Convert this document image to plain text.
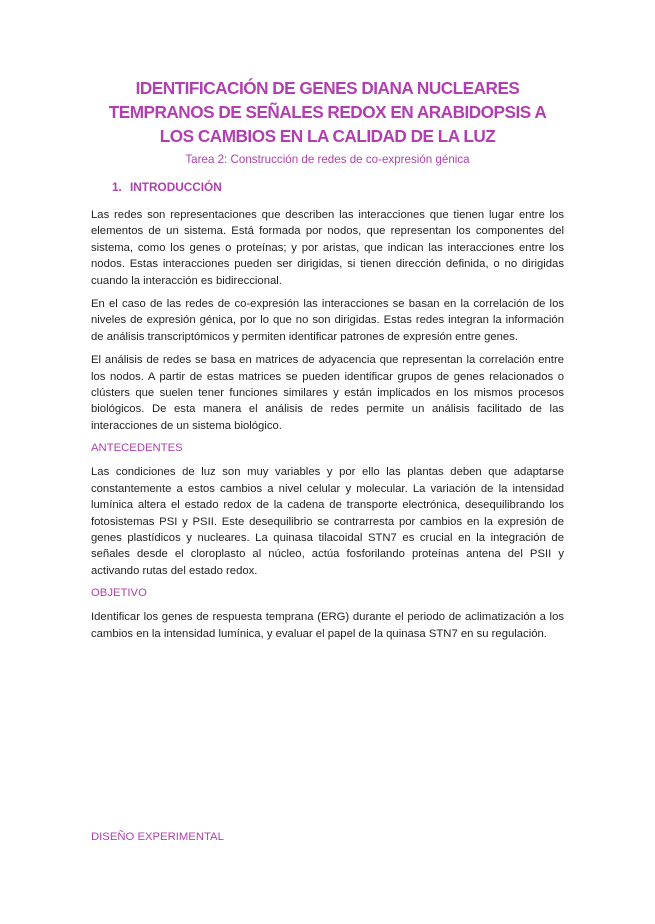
IDENTIFICACIÓN DE GENES DIANA NUCLEARES TEMPRANOS DE SEÑALES REDOX EN ARABIDOPSIS A LOS CAMBIOS EN LA CALIDAD DE LA LUZ
Tarea 2: Construcción de redes de co-expresión génica
1. INTRODUCCIÓN

Las redes son representaciones que describen las interacciones que tienen lugar entre los elementos de un sistema. Está formada por nodos, que representan los componentes del sistema, como los genes o proteínas; y por aristas, que indican las interacciones entre los nodos. Estas interacciones pueden ser dirigidas, si tienen dirección definida, o no dirigidas cuando la interacción es bidireccional.

En el caso de las redes de co-expresión las interacciones se basan en la correlación de los niveles de expresión génica, por lo que no son dirigidas. Estas redes integran la información de análisis transcriptómicos y permiten identificar patrones de expresión entre genes.

El análisis de redes se basa en matrices de adyacencia que representan la correlación entre los nodos. A partir de estas matrices se pueden identificar grupos de genes relacionados o clústers que suelen tener funciones similares y están implicados en los mismos procesos biológicos. De esta manera el análisis de redes permite un análisis facilitado de las interacciones de un sistema biológico.

ANTECEDENTES

Las condiciones de luz son muy variables y por ello las plantas deben que adaptarse constantemente a estos cambios a nivel celular y molecular. La variación de la intensidad lumínica altera el estado redox de la cadena de transporte electrónica, desequilibrando los fotosistemas PSI y PSII. Este desequilibrio se contrarresta por cambios en la expresión de genes plastídicos y nucleares. La quinasa tilacoidal STN7 es crucial en la integración de señales desde el cloroplasto al núcleo, actúa fosforilando proteínas antena del PSII y activando rutas del estado redox.

OBJETIVO

Identificar los genes de respuesta temprana (ERG) durante el periodo de aclimatización a los cambios en la intensidad lumínica, y evaluar el papel de la quinasa STN7 en su regulación.

DISEÑO EXPERIMENTAL
